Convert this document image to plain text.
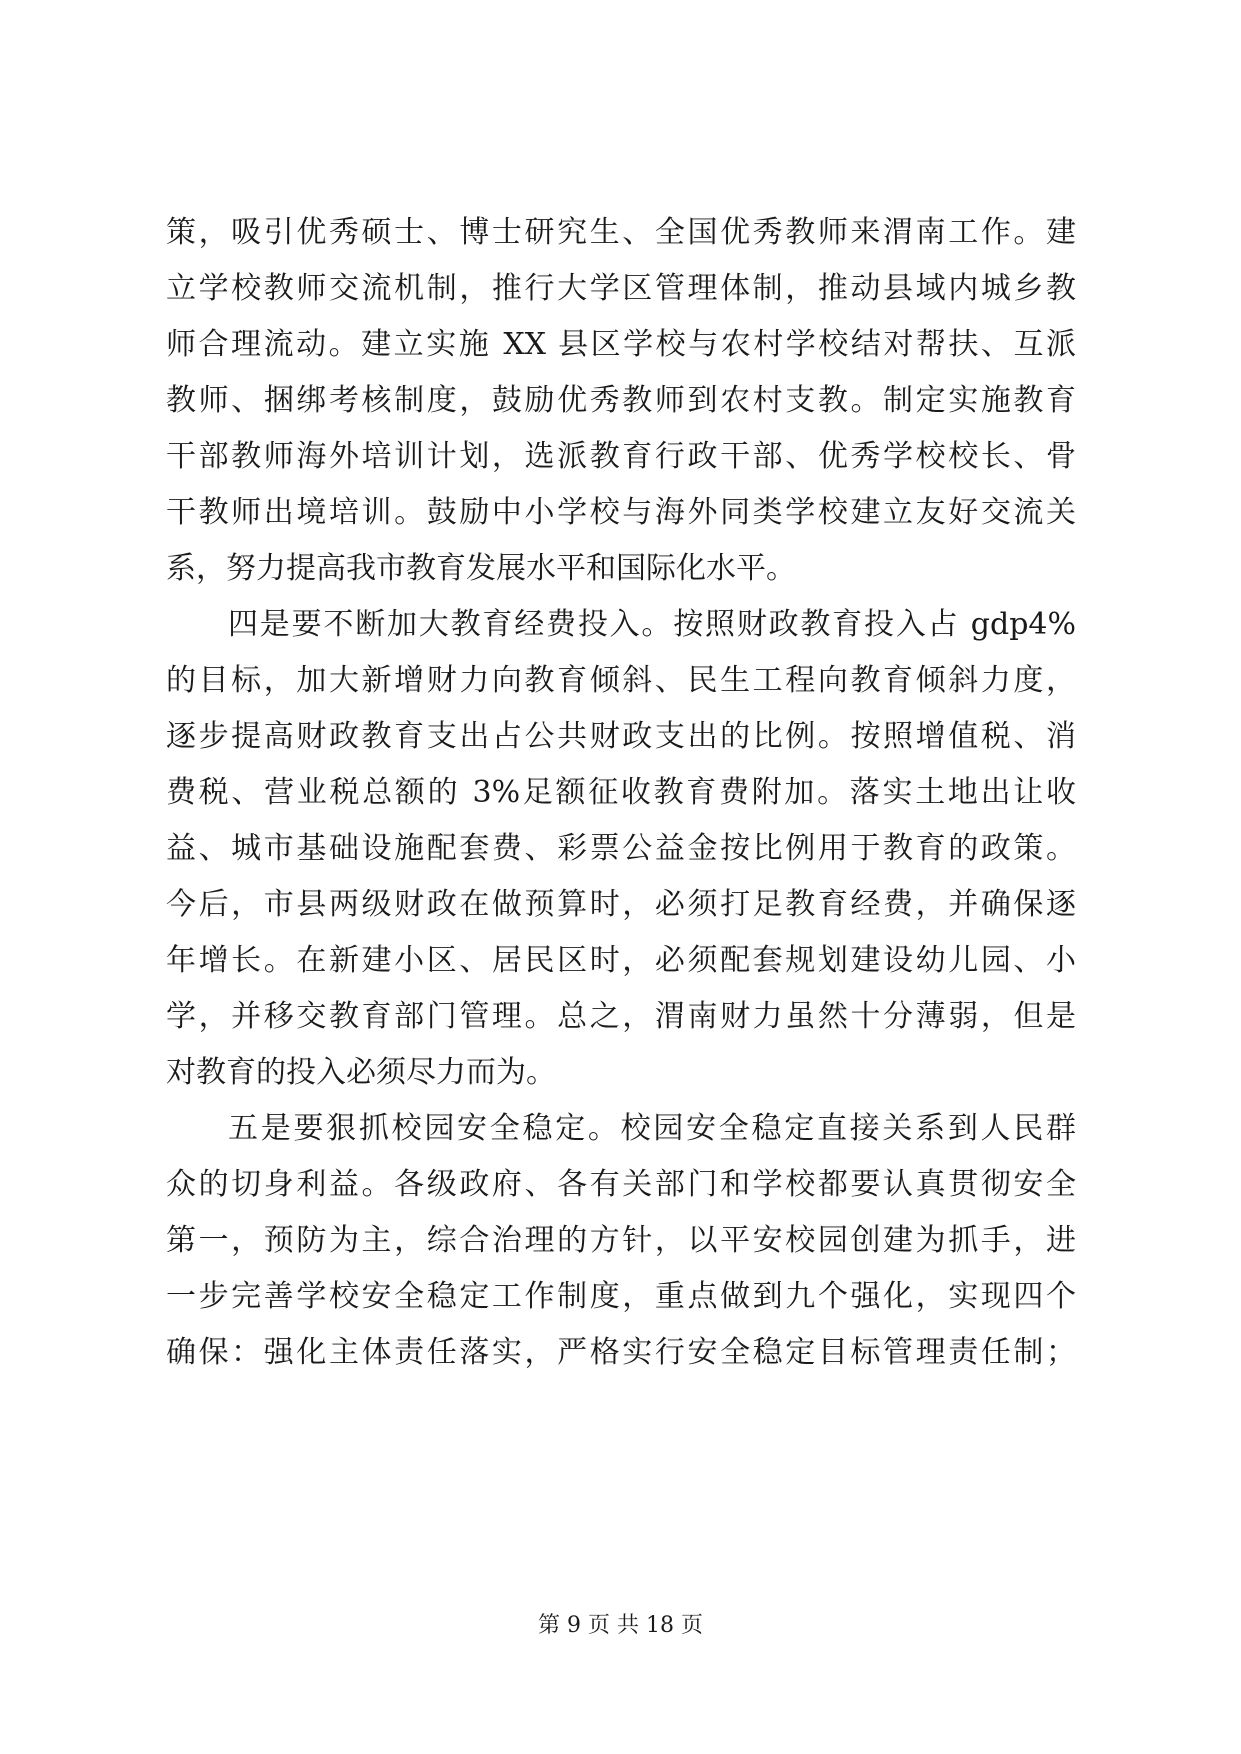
策，吸引优秀硕士、博士研究生、全国优秀教师来渭南工作。建
立学校教师交流机制，推行大学区管理体制，推动县域内城乡教
师合理流动。建立实施 XX 县区学校与农村学校结对帮扶、互派
教师、捆绑考核制度，鼓励优秀教师到农村支教。制定实施教育
干部教师海外培训计划，选派教育行政干部、优秀学校校长、骨
干教师出境培训。鼓励中小学校与海外同类学校建立友好交流关
系，努力提高我市教育发展水平和国际化水平。
四是要不断加大教育经费投入。按照财政教育投入占 gdp4%
的目标，加大新增财力向教育倾斜、民生工程向教育倾斜力度，
逐步提高财政教育支出占公共财政支出的比例。按照增值税、消
费税、营业税总额的 3%足额征收教育费附加。落实土地出让收
益、城市基础设施配套费、彩票公益金按比例用于教育的政策。
今后，市县两级财政在做预算时，必须打足教育经费，并确保逐
年增长。在新建小区、居民区时，必须配套规划建设幼儿园、小
学，并移交教育部门管理。总之，渭南财力虽然十分薄弱，但是
对教育的投入必须尽力而为。
五是要狠抓校园安全稳定。校园安全稳定直接关系到人民群
众的切身利益。各级政府、各有关部门和学校都要认真贯彻安全
第一，预防为主，综合治理的方针，以平安校园创建为抓手，进
一步完善学校安全稳定工作制度，重点做到九个强化，实现四个
确保：强化主体责任落实，严格实行安全稳定目标管理责任制；
第 9 页 共 18 页
